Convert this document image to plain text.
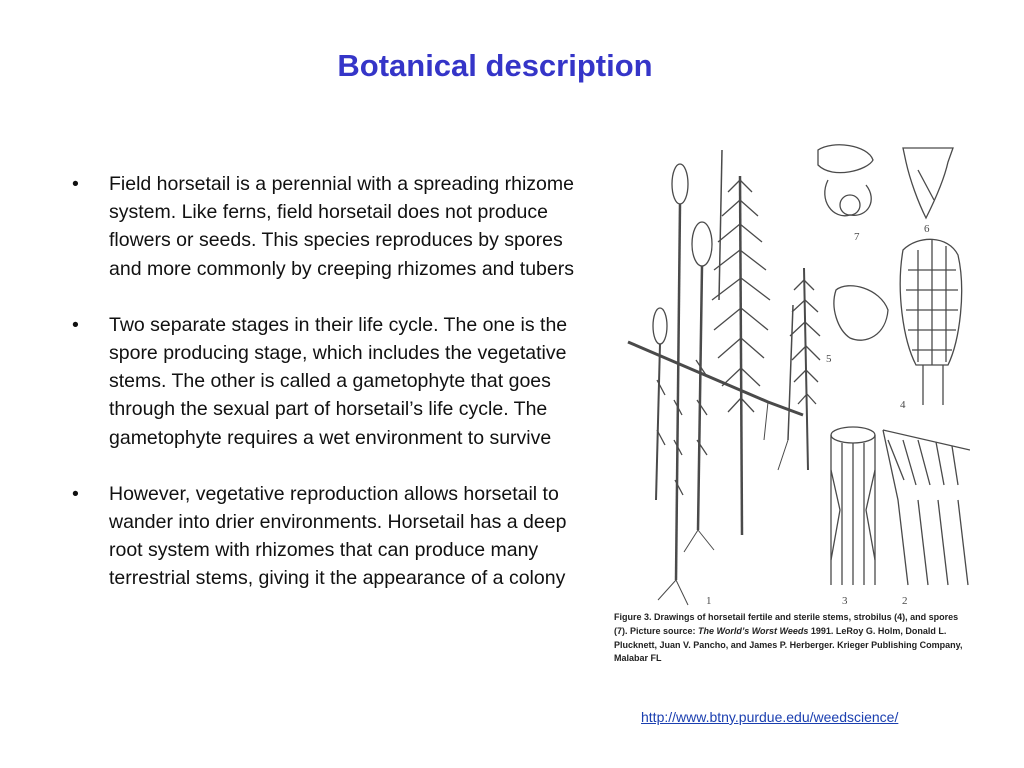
Botanical description
• Field horsetail is a perennial with a spreading rhizome system. Like ferns, field horsetail does not produce flowers or seeds. This species reproduces by spores and more commonly by creeping rhizomes and tubers
• Two separate stages in their life cycle. The one is the spore producing stage, which includes the vegetative stems. The other is called a gametophyte that goes through the sexual part of horsetail’s life cycle. The gametophyte requires a wet environment to survive
• However, vegetative reproduction allows horsetail to wander into drier environments. Horsetail has a deep root system with rhizomes that can produce many terrestrial stems, giving it the appearance of a colony
7
6
5
4
1	3	2
Figure 3. Drawings of horsetail fertile and sterile stems, strobilus (4), and spores (7). Picture source: The World’s Worst Weeds 1991. LeRoy G. Holm, Donald L. Plucknett, Juan V. Pancho, and James P. Herberger. Krieger Publishing Company, Malabar FL
http://www.btny.purdue.edu/weedscience/
